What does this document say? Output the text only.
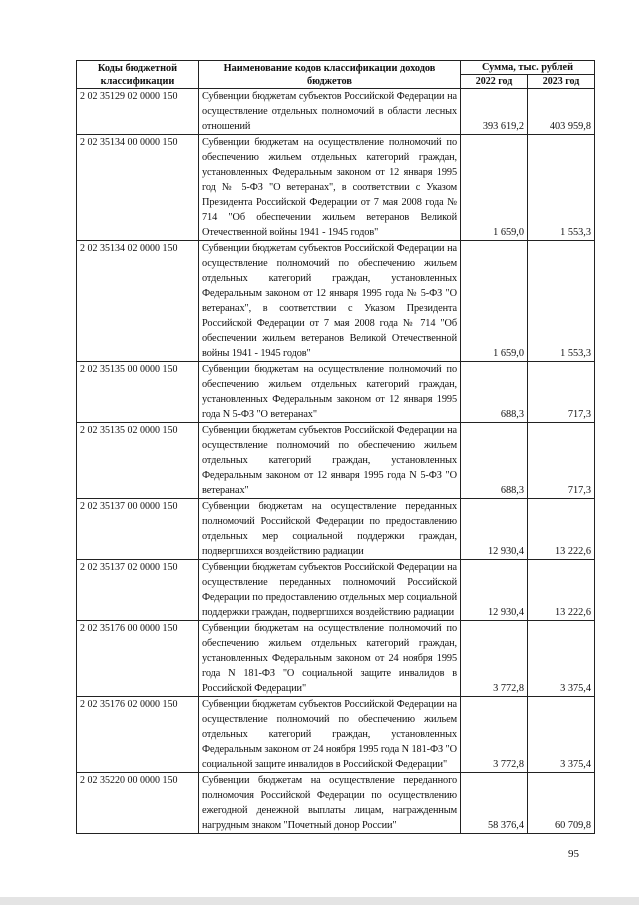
Коды бюджетной классификации	Наименование кодов классификации доходов бюджетов	Сумма, тыс. рублей	
		2022 год	2023 год
2 02 35129 02 0000 150	Субвенции бюджетам субъектов Российской Федерации на осуществление отдельных полномочий в области лесных отношений	393 619,2	403 959,8
2 02 35134 00 0000 150	Субвенции бюджетам на осуществление полномочий по обеспечению жильем отдельных категорий граждан, установленных Федеральным законом от 12 января 1995 год № 5-ФЗ "О ветеранах", в соответствии с Указом Президента Российской Федерации от 7 мая 2008 года № 714 "Об обеспечении жильем ветеранов Великой Отечественной войны 1941 - 1945 годов"	1 659,0	1 553,3
2 02 35134 02 0000 150	Субвенции бюджетам субъектов Российской Федерации на осуществление полномочий по обеспечению жильем отдельных категорий граждан, установленных Федеральным законом от 12 января 1995 года № 5-ФЗ "О ветеранах", в соответствии с Указом Президента Российской Федерации от 7 мая 2008 года № 714 "Об обеспечении жильем ветеранов Великой Отечественной войны 1941 - 1945 годов"	1 659,0	1 553,3
2 02 35135 00 0000 150	Субвенции бюджетам на осуществление полномочий по обеспечению жильем отдельных категорий граждан, установленных Федеральным законом от 12 января 1995 года N 5-ФЗ "О ветеранах"	688,3	717,3
2 02 35135 02 0000 150	Субвенции бюджетам субъектов Российской Федерации на осуществление полномочий по обеспечению жильем отдельных категорий граждан, установленных Федеральным законом от 12 января 1995 года N 5-ФЗ "О ветеранах"	688,3	717,3
2 02 35137 00 0000 150	Субвенции бюджетам на осуществление переданных полномочий Российской Федерации по предоставлению отдельных мер социальной поддержки граждан, подвергшихся воздействию радиации	12 930,4	13 222,6
2 02 35137 02 0000 150	Субвенции бюджетам субъектов Российской Федерации на осуществление переданных полномочий Российской Федерации по предоставлению отдельных мер социальной поддержки граждан, подвергшихся воздействию радиации	12 930,4	13 222,6
2 02 35176 00 0000 150	Субвенции бюджетам на осуществление полномочий по обеспечению жильем отдельных категорий граждан, установленных Федеральным законом от 24 ноября 1995 года N 181-ФЗ "О социальной защите инвалидов в Российской Федерации"	3 772,8	3 375,4
2 02 35176 02 0000 150	Субвенции бюджетам субъектов Российской Федерации на осуществление полномочий по обеспечению жильем отдельных категорий граждан, установленных Федеральным законом от 24 ноября 1995 года N 181-ФЗ "О социальной защите инвалидов в Российской Федерации"	3 772,8	3 375,4
2 02 35220 00 0000 150	Субвенции бюджетам на осуществление переданного полномочия Российской Федерации по осуществлению ежегодной денежной выплаты лицам, награжденным нагрудным знаком "Почетный донор России"	58 376,4	60 709,8
95
